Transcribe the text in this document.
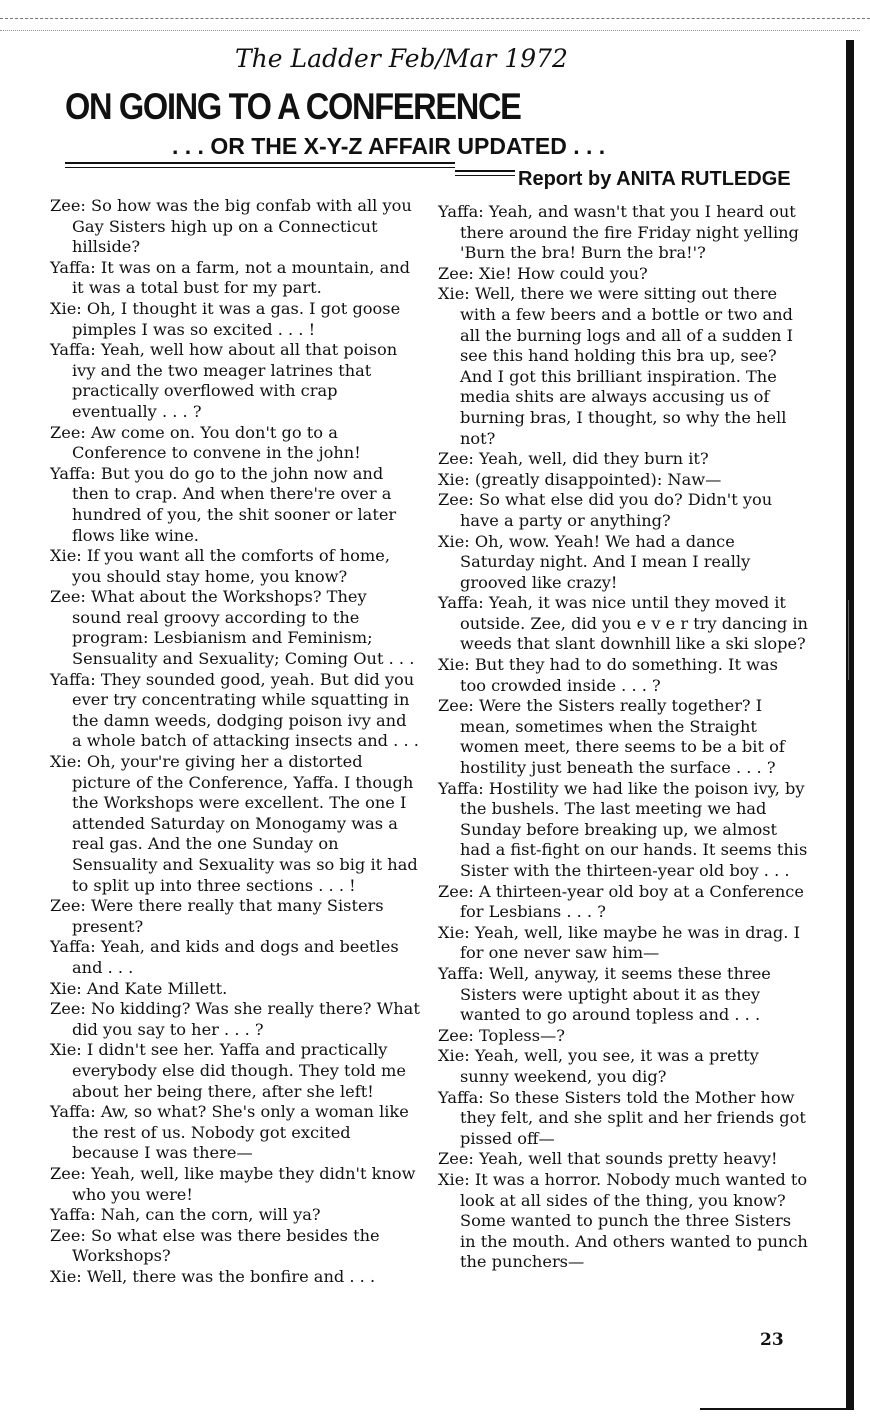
The Ladder Feb/Mar 1972
ON GOING TO A CONFERENCE
. . . OR THE X-Y-Z AFFAIR UPDATED . . .
Report by ANITA RUTLEDGE

Zee: So how was the big confab with all you Gay Sisters high up on a Connecticut hillside?

Yaffa: It was on a farm, not a mountain, and it was a total bust for my part.

Xie: Oh, I thought it was a gas. I got goose pimples I was so excited . . . !

Yaffa: Yeah, well how about all that poison ivy and the two meager latrines that practically overflowed with crap eventually . . . ?

Zee: Aw come on. You don't go to a Conference to convene in the john!

Yaffa: But you do go to the john now and then to crap. And when there're over a hundred of you, the shit sooner or later flows like wine.

Xie: If you want all the comforts of home, you should stay home, you know?

Zee: What about the Workshops? They sound real groovy according to the program: Lesbianism and Feminism; Sensuality and Sexuality; Coming Out . . .

Yaffa: They sounded good, yeah. But did you ever try concentrating while squatting in the damn weeds, dodging poison ivy and a whole batch of attacking insects and . . .

Xie: Oh, your're giving her a distorted picture of the Conference, Yaffa. I though the Workshops were excellent. The one I attended Saturday on Monogamy was a real gas. And the one Sunday on Sensuality and Sexuality was so big it had to split up into three sections . . . !

Zee: Were there really that many Sisters present?

Yaffa: Yeah, and kids and dogs and beetles and . . .

Xie: And Kate Millett.

Zee: No kidding? Was she really there? What did you say to her . . . ?

Xie: I didn't see her. Yaffa and practically everybody else did though. They told me about her being there, after she left!

Yaffa: Aw, so what? She's only a woman like the rest of us. Nobody got excited because I was there—

Zee: Yeah, well, like maybe they didn't know who you were!

Yaffa: Nah, can the corn, will ya?

Zee: So what else was there besides the Workshops?

Xie: Well, there was the bonfire and . . .

Yaffa: Yeah, and wasn't that you I heard out there around the fire Friday night yelling 'Burn the bra! Burn the bra!'?

Zee: Xie! How could you?

Xie: Well, there we were sitting out there with a few beers and a bottle or two and all the burning logs and all of a sudden I see this hand holding this bra up, see? And I got this brilliant inspiration. The media shits are always accusing us of burning bras, I thought, so why the hell not?

Zee: Yeah, well, did they burn it?

Xie: (greatly disappointed): Naw—

Zee: So what else did you do? Didn't you have a party or anything?

Xie: Oh, wow. Yeah! We had a dance Saturday night. And I mean I really grooved like crazy!

Yaffa: Yeah, it was nice until they moved it outside. Zee, did you e v e r try dancing in weeds that slant downhill like a ski slope?

Xie: But they had to do something. It was too crowded inside . . . ?

Zee: Were the Sisters really together? I mean, sometimes when the Straight women meet, there seems to be a bit of hostility just beneath the surface . . . ?

Yaffa: Hostility we had like the poison ivy, by the bushels. The last meeting we had Sunday before breaking up, we almost had a fist-fight on our hands. It seems this Sister with the thirteen-year old boy . . .

Zee: A thirteen-year old boy at a Conference for Lesbians . . . ?

Xie: Yeah, well, like maybe he was in drag. I for one never saw him—

Yaffa: Well, anyway, it seems these three Sisters were uptight about it as they wanted to go around topless and . . .

Zee: Topless—?

Xie: Yeah, well, you see, it was a pretty sunny weekend, you dig?

Yaffa: So these Sisters told the Mother how they felt, and she split and her friends got pissed off—

Zee: Yeah, well that sounds pretty heavy!

Xie: It was a horror. Nobody much wanted to look at all sides of the thing, you know? Some wanted to punch the three Sisters in the mouth. And others wanted to punch the punchers—

23
